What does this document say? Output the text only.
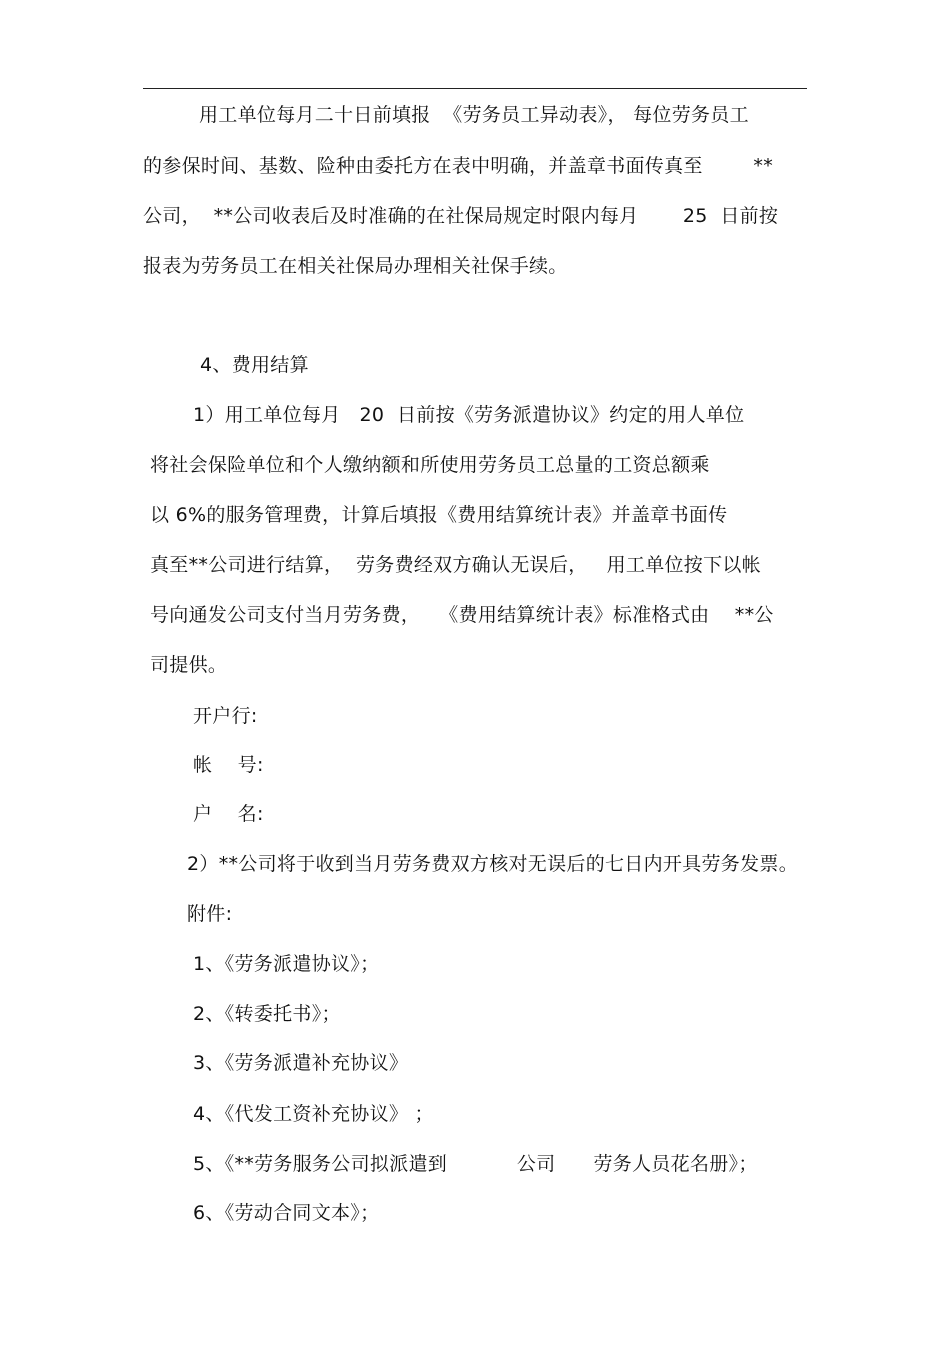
用工单位每月二十日前填报  《劳务员工异动表》， 每位劳务员工
的参保时间、基数、险种由委托方在表中明确，并盖章书面传真至        **
公司，  **公司收表后及时准确的在社保局规定时限内每月       25  日前按
报表为劳务员工在相关社保局办理相关社保手续。
4、费用结算
1）用工单位每月   20  日前按《劳务派遣协议》约定的用人单位
将社会保险单位和个人缴纳额和所使用劳务员工总量的工资总额乘
以 6%的服务管理费，计算后填报《费用结算统计表》并盖章书面传
真至**公司进行结算，  劳务费经双方确认无误后，   用工单位按下以帐
号向通发公司支付当月劳务费，   《费用结算统计表》标准格式由    **公
司提供。
开户行:
帐    号:
户    名:
2）**公司将于收到当月劳务费双方核对无误后的七日内开具劳务发票。
附件:
1、《劳务派遣协议》；
2、《转委托书》；
3、《劳务派遣补充协议》
4、《代发工资补充协议》 ；
5、《**劳务服务公司拟派遣到           公司      劳务人员花名册》；
6、《劳动合同文本》；
